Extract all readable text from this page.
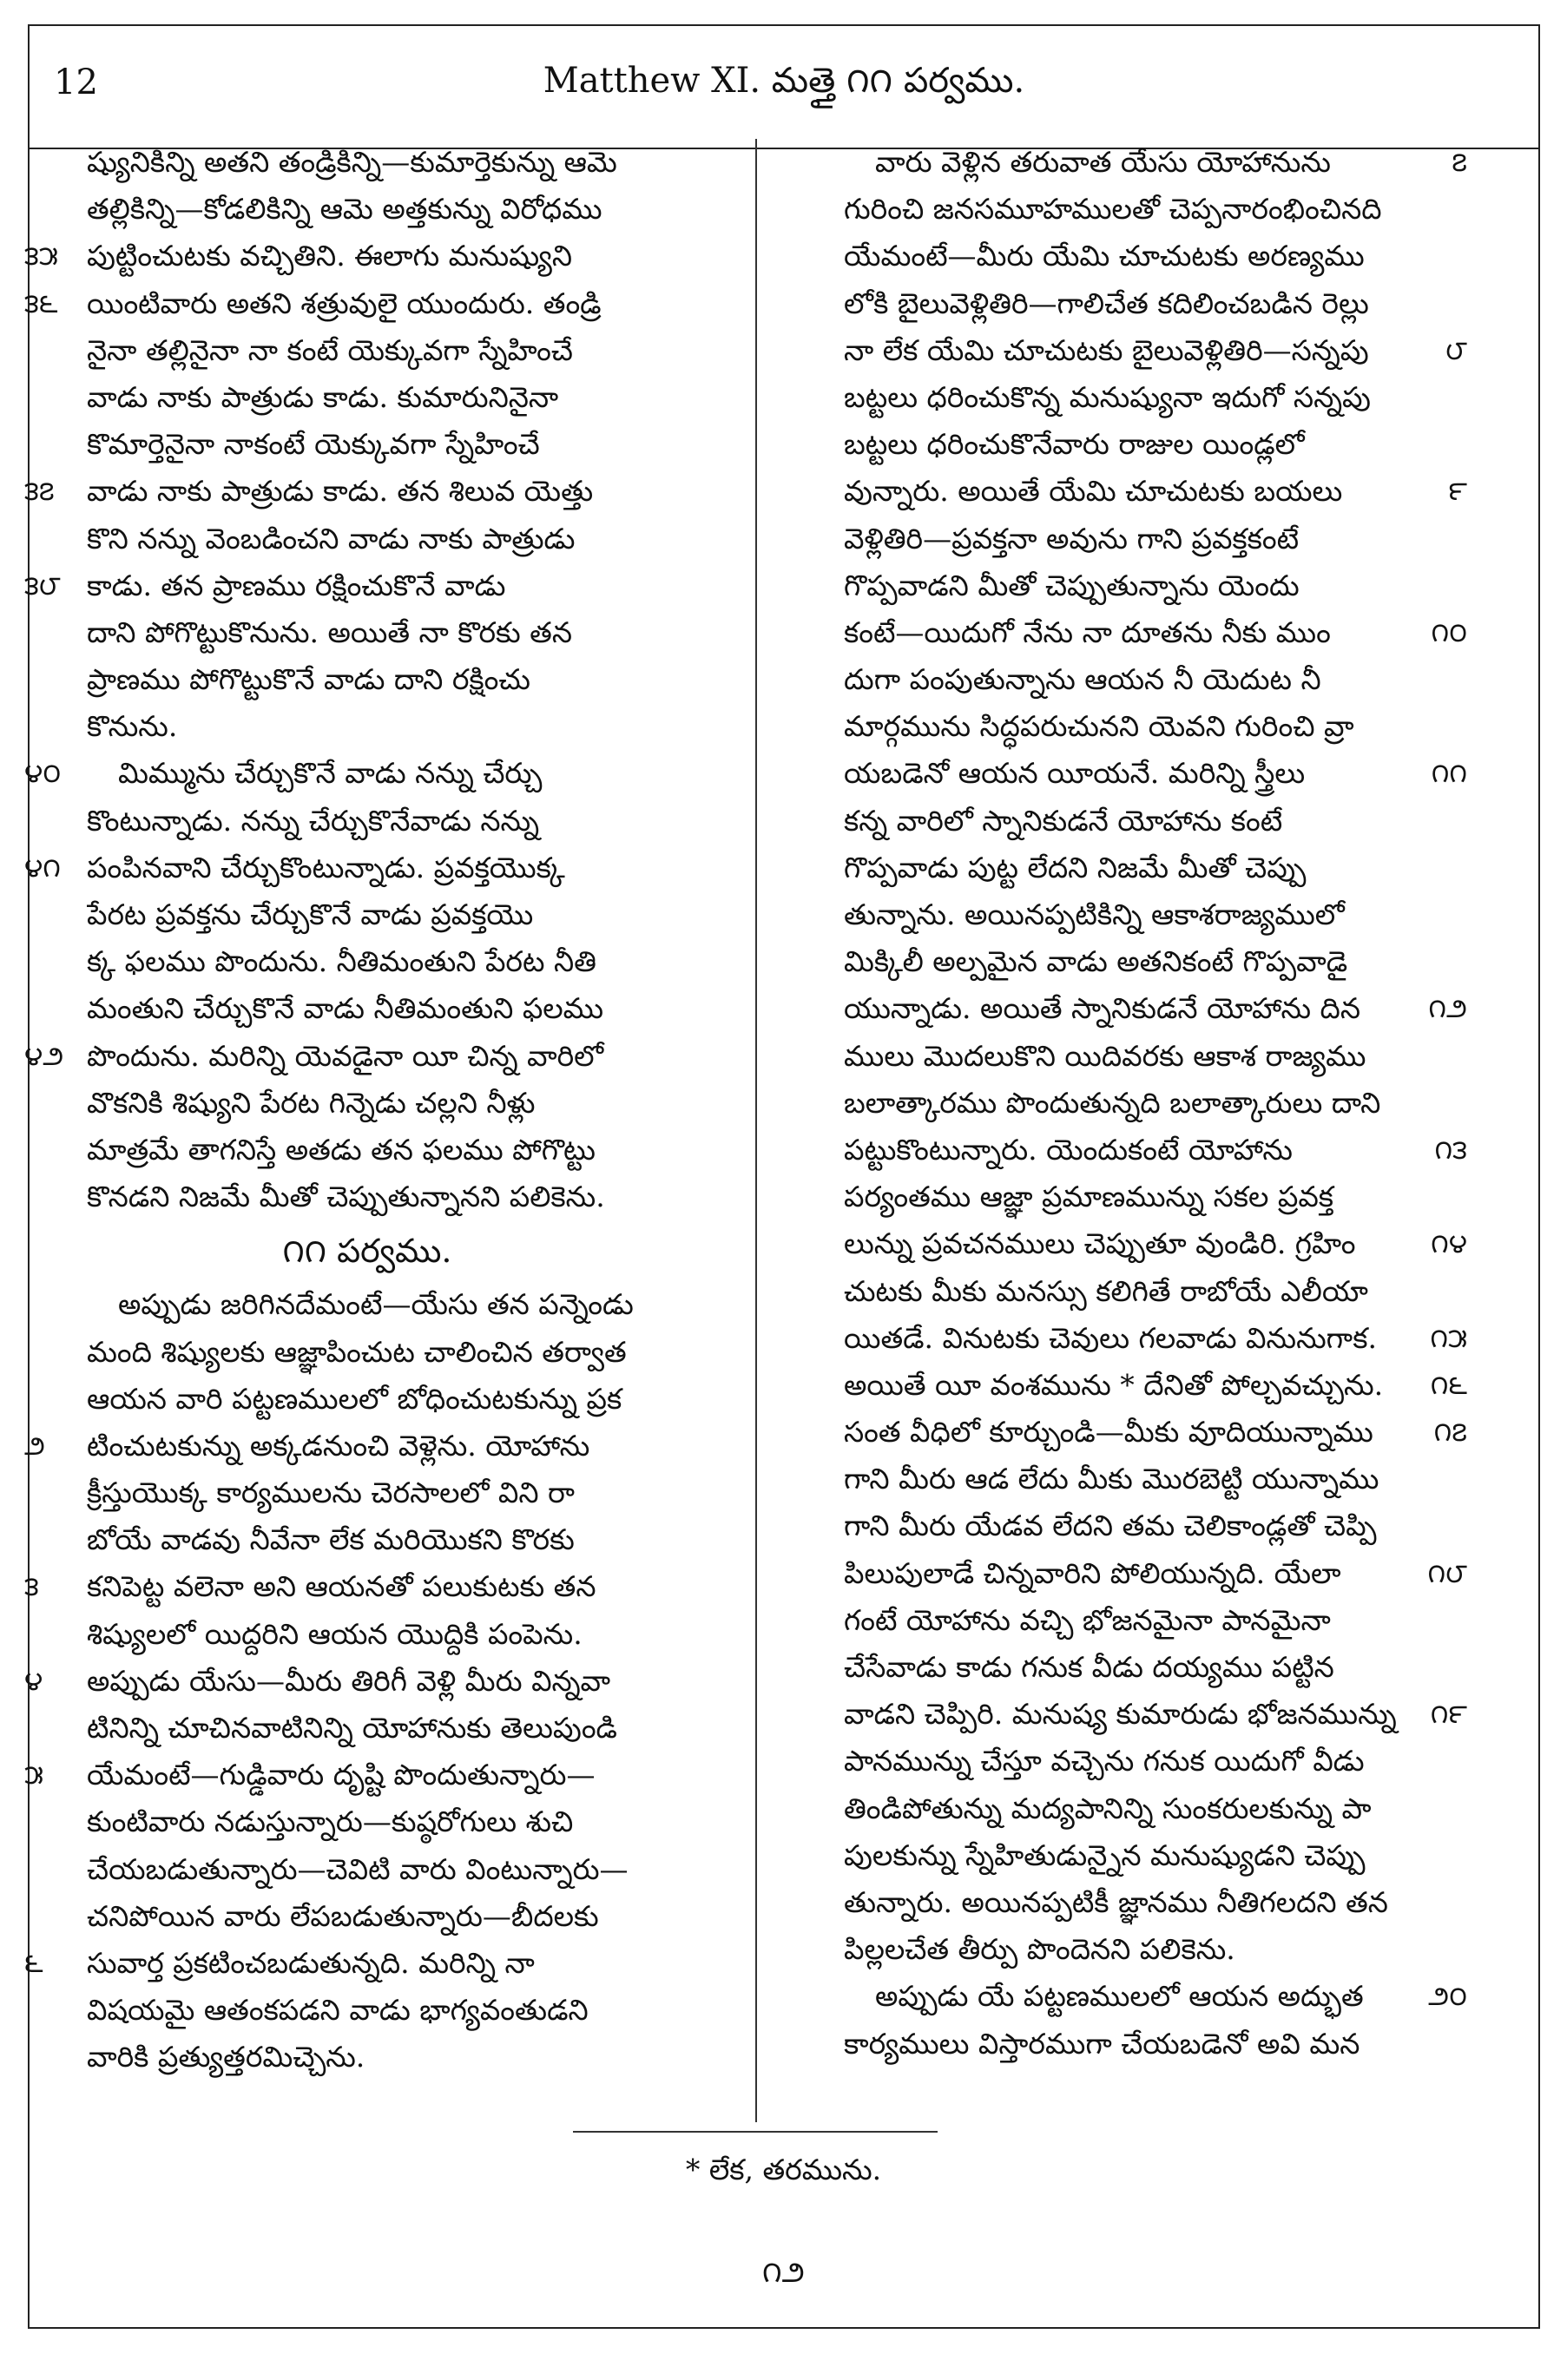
12	Matthew XI. మత్తై ౧౧ పర్వము.
ష్యునికిన్ని అతని తండ్రికిన్ని—కుమార్తెకున్ను ఆమె
తల్లికిన్ని—కోడలికిన్ని ఆమె అత్తకున్ను విరోధము
౩౫ పుట్టించుటకు వచ్చితిని. ఈలాగు మనుష్యుని
౩౬ యింటివారు అతని శత్రువులై యుందురు. తండ్రి
నైనా తల్లినైనా నా కంటే యెక్కువగా స్నేహించే
వాడు నాకు పాత్రుడు కాడు. కుమారునినైనా
కొమార్తెనైనా నాకంటే యెక్కువగా స్నేహించే
౩౭ వాడు నాకు పాత్రుడు కాడు. తన శిలువ యెత్తు
కొని నన్ను వెంబడించని వాడు నాకు పాత్రుడు
౩౮ కాడు. తన ప్రాణము రక్షించుకొనే వాడు
దాని పోగొట్టుకొనును. అయితే నా కొరకు తన
ప్రాణము పోగొట్టుకొనే వాడు దాని రక్షించు
కొనును.
౪౦	మిమ్మును చేర్చుకొనే వాడు నన్ను చేర్చు
కొంటున్నాడు. నన్ను చేర్చుకొనేవాడు నన్ను
౪౧ పంపినవాని చేర్చుకొంటున్నాడు. ప్రవక్తయొక్క
పేరట ప్రవక్తను చేర్చుకొనే వాడు ప్రవక్తయొ
క్క ఫలము పొందును. నీతిమంతుని పేరట నీతి
మంతుని చేర్చుకొనే వాడు నీతిమంతుని ఫలము
౪౨ పొందును. మరిన్ని యెవడైనా యీ చిన్న వారిలో
వొకనికి శిష్యుని పేరట గిన్నెడు చల్లని నీళ్లు
మాత్రమే తాగనిస్తే అతడు తన ఫలము పోగొట్టు
కొనడని నిజమే మీతో చెప్పుతున్నానని పలికెను.
౧౧ పర్వము.
అప్పుడు జరిగినదేమంటే—యేసు తన పన్నెండు
మంది శిష్యులకు ఆజ్ఞాపించుట చాలించిన తర్వాత
ఆయన వారి పట్టణములలో బోధించుటకున్ను ప్రక
౨ టించుటకున్ను అక్కడనుంచి వెళ్లెను. యోహాను
క్రీస్తుయొక్క కార్యములను చెరసాలలో విని రా
బోయే వాడవు నీవేనా లేక మరియొకని కొరకు
౩ కనిపెట్ట వలెనా అని ఆయనతో పలుకుటకు తన
శిష్యులలో యిద్దరిని ఆయన యొద్దికి పంపెను.
౪ అప్పుడు యేసు—మీరు తిరిగీ వెళ్లి మీరు విన్నవా
టినిన్ని చూచినవాటినిన్ని యోహానుకు తెలుపుండి
౫ యేమంటే—గుడ్డివారు దృష్టి పొందుతున్నారు—
కుంటివారు నడుస్తున్నారు—కుష్ఠరోగులు శుచి
చేయబడుతున్నారు—చెవిటి వారు వింటున్నారు—
చనిపోయిన వారు లేపబడుతున్నారు—బీదలకు
౬ సువార్త ప్రకటించబడుతున్నది. మరిన్ని నా
విషయమై ఆతంకపడని వాడు భాగ్యవంతుడని
వారికి ప్రత్యుత్తరమిచ్చెను.
౭
వారు వెళ్లిన తరువాత యేసు యోహానును
గురించి జనసమూహములతో చెప్పనారంభించినది
యేమంటే—మీరు యేమి చూచుటకు అరణ్యము
లోకి బైలువెళ్లితిరి—గాలిచేత కదిలించబడిన రెల్లు
౮
నా లేక యేమి చూచుటకు బైలువెళ్లితిరి—సన్నపు
బట్టలు ధరించుకొన్న మనుష్యునా ఇదుగో సన్నపు
బట్టలు ధరించుకొనేవారు రాజుల యిండ్లలో
౯
వున్నారు. అయితే యేమి చూచుటకు బయలు
వెళ్లితిరి—ప్రవక్తనా అవును గాని ప్రవక్తకంటే
గొప్పవాడని మీతో చెప్పుతున్నాను యెందు
౧౦
కంటే—యిదుగో నేను నా దూతను నీకు ముం
దుగా పంపుతున్నాను ఆయన నీ యెదుట నీ
మార్గమును సిద్ధపరుచునని యెవని గురించి వ్రా
౧౧
యబడెనో ఆయన యీయనే. మరిన్ని స్త్రీలు
కన్న వారిలో స్నానికుడనే యోహాను కంటే
గొప్పవాడు పుట్ట లేదని నిజమే మీతో చెప్పు
తున్నాను. అయినప్పటికిన్ని ఆకాశరాజ్యములో
మిక్కిలీ అల్పమైన వాడు అతనికంటే గొప్పవాడై
౧౨
యున్నాడు. అయితే స్నానికుడనే యోహాను దిన
ములు మొదలుకొని యిదివరకు ఆకాశ రాజ్యము
బలాత్కారము పొందుతున్నది బలాత్కారులు దాని
౧౩
పట్టుకొంటున్నారు. యెందుకంటే యోహాను
పర్యంతము ఆజ్ఞా ప్రమాణమున్ను సకల ప్రవక్త
౧౪
లున్ను ప్రవచనములు చెప్పుతూ వుండిరి. గ్రహిం
చుటకు మీకు మనస్సు కలిగితే రాబోయే ఎలీయా
౧౫
యితడే. వినుటకు చెవులు గలవాడు వినునుగాక.
౧౬
అయితే యీ వంశమును * దేనితో పోల్చవచ్చును.
౧౭
సంత వీధిలో కూర్చుండి—మీకు వూదియున్నాము
గాని మీరు ఆడ లేదు మీకు మొరబెట్టి యున్నాము
గాని మీరు యేడవ లేదని తమ చెలికాండ్లతో చెప్పి
౧౮
పిలుపులాడే చిన్నవారిని పోలియున్నది. యేలా
గంటే యోహాను వచ్చి భోజనమైనా పానమైనా
చేసేవాడు కాడు గనుక వీడు దయ్యము పట్టిన
౧౯
వాడని చెప్పిరి. మనుష్య కుమారుడు భోజనమున్ను
పానమున్ను చేస్తూ వచ్చెను గనుక యిదుగో వీడు
తిండిపోతున్ను మద్యపానిన్ని సుంకరులకున్ను పా
పులకున్ను స్నేహితుడున్నైన మనుష్యుడని చెప్పు
తున్నారు. అయినప్పటికీ జ్ఞానము నీతిగలదని తన
పిల్లలచేత తీర్పు పొందెనని పలికెను.
౨౦
అప్పుడు యే పట్టణములలో ఆయన అద్భుత
కార్యములు విస్తారముగా చేయబడెనో అవి మన
* లేక, తరమును.
౧౨
